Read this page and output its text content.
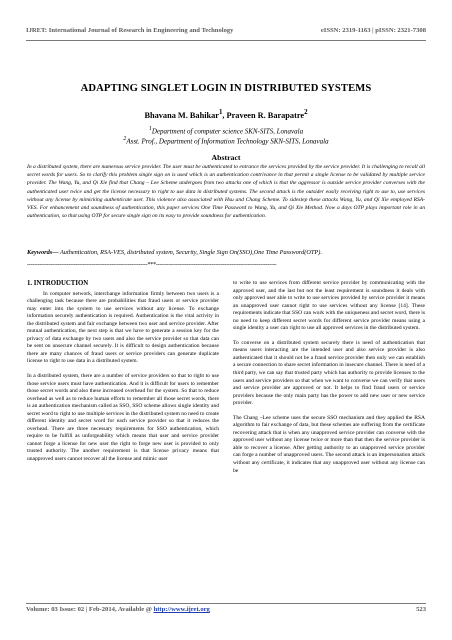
IJRET: International Journal of Research in Engineering and Technology	eISSN: 2319-1163 | pISSN: 2321-7308
ADAPTING SINGLET LOGIN IN DISTRIBUTED SYSTEMS
Bhavana M. Bahikar$^1$, Praveen R. Barapatre$^2$
$^1$Department of computer science SKN-SITS, Lonavala
$^2$Asst. Prof., Department of Information Technology SKN-SITS, Lonavala
Abstract
In a distributed system, there are numerous service provider. The user must be authenticated to entrance the services provided by the service provider. It is challenging to recall all secret words for users. So to clarify this problem single sign on is used which is an authentication contrivance in that permit a single license to be validated by multiple service provider. The Wang, Yu, and Qi Xie find that Chang – Lee Scheme undergoes from two attacks one of which is that the aggressor is outside service provider converses with the authenticated user twice and get the license necessary to right to use data in distributed systems. The second attack is the outsider easily receiving right to use to, use services without any license by mimicking authenticate user. This violence also associated with Hsu and Chang Scheme. To sidestep these attacks Wang, Yu, and Qi Xie employed RSA-VES. For enhancement and soundness of authentication, this paper services One Time Password to Wang, Yu, and Qi Xie Method. Now a days OTP plays important role in an authentication, so that using OTP for secure single sign on its easy to provide soundness for authentication.
Keywords— Authentication, RSA-VES, distributed system, Security, Single Sign On(SSO),One Time Password(OTP).
-------------------------------------------------------------------***-------------------------------------------------------------------
1. INTRODUCTION

In computer network, interchange information firmly between two users is a challenging task because there are probabilities that fraud users or service provider may enter into the system to use services without any license. To exchange information securely authentication is required. Authentication is the vital activity in the distributed system and fair exchange between two user and service provider. After mutual authentication, the next step is that we have to generate a session key for the privacy of data exchange by two users and also the service provider so that data can be sent on unsecure channel securely. It is difficult to design authentication because there are many chances of fraud users or service providers can generate duplicate license to right to use data in a distributed system.

In a distributed system, there are a number of service providers so that to right to use those service users must have authentication. And it is difficult for users to remember those secret words and also these increased overhead for the system. So that to reduce overhead as well as to reduce human efforts to remember all those secret words, there is an authentication mechanism called as SSO, SSO scheme allows single identity and secret word to right to use multiple services in the distributed system no need to create different identity and secret word for each service provider so that it reduces the overhead. There are three necessary requirements for SSO authentication, which require to be fulfill as unforgeability which means that user and service provider cannot forge a license for new user the right to forge new user is provided to only trusted authority. The another requirement is that license privacy means that unapproved users cannot recover all the license and mimic user

to write to use services from different service provider by communicating with the approved user, and the last but not the least requirement is soundness it deals with only approved user able to write to use services provided by service provider it means an unapproved user cannot right to use services without any license [14]. These requirements indicate that SSO can work with the uniqueness and secret word, there is no need to keep different secret words for different service provider means using a single identity a user can right to use all approved services in the distributed system.

To converse on a distributed system securely there is need of authentication that means users interacting are the intended user and also service provider is also authenticated that it should not be a fraud service provider then only we can establish a secure connection to share secret information in insecure channel. There is need of a third party, we can say that trusted party which has authority to provide licenses to the users and service providers so that when we want to converse we can verify that users and service provider are approved or not. It helps to find fraud users or service providers because the only main party has the power to add new user or new service provider.

The Chang –Lee scheme uses the secure SSO mechanism and they applied the RSA algorithm to fair exchange of data, but these schemes are suffering from the certificate recovering attack that is when any unapproved service provider can converse with the approved user without any license twice or more than that then the service provider is able to recover a license. After getting authority to an unapproved service provider can forge a number of unapproved users. The second attack is an impersonation attack without any certificate, it indicates that any unapproved user without any license can be

Volume: 03 Issue: 02 | Feb-2014, Available @ http://www.ijret.org	523
